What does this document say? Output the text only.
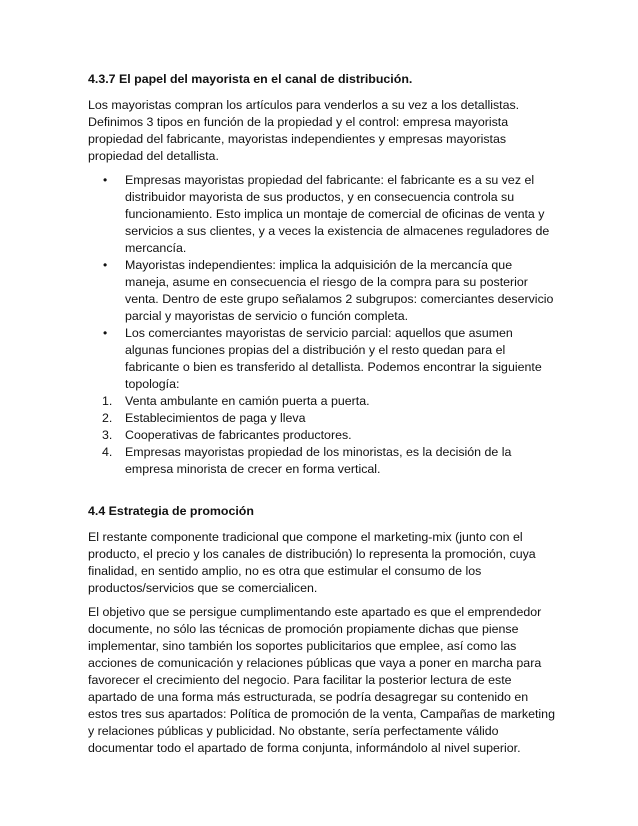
4.3.7 El papel del mayorista en el canal de distribución.

Los mayoristas compran los artículos para venderlos a su vez a los detallistas. Definimos 3 tipos en función de la propiedad y el control: empresa mayorista propiedad del fabricante, mayoristas independientes y empresas mayoristas propiedad del detallista.

• Empresas mayoristas propiedad del fabricante: el fabricante es a su vez el distribuidor mayorista de sus productos, y en consecuencia controla su funcionamiento. Esto implica un montaje de comercial de oficinas de venta y servicios a sus clientes, y a veces la existencia de almacenes reguladores de mercancía.
• Mayoristas independientes: implica la adquisición de la mercancía que maneja, asume en consecuencia el riesgo de la compra para su posterior venta. Dentro de este grupo señalamos 2 subgrupos: comerciantes deservicio parcial y mayoristas de servicio o función completa.
• Los comerciantes mayoristas de servicio parcial: aquellos que asumen algunas funciones propias del a distribución y el resto quedan para el fabricante o bien es transferido al detallista. Podemos encontrar la siguiente topología:
1. Venta ambulante en camión puerta a puerta.
2. Establecimientos de paga y lleva
3. Cooperativas de fabricantes productores.
4. Empresas mayoristas propiedad de los minoristas, es la decisión de la empresa minorista de crecer en forma vertical.
4.4 Estrategia de promoción

El restante componente tradicional que compone el marketing-mix (junto con el producto, el precio y los canales de distribución) lo representa la promoción, cuya finalidad, en sentido amplio, no es otra que estimular el consumo de los productos/servicios que se comercialicen.

El objetivo que se persigue cumplimentando este apartado es que el emprendedor documente, no sólo las técnicas de promoción propiamente dichas que piense implementar, sino también los soportes publicitarios que emplee, así como las acciones de comunicación y relaciones públicas que vaya a poner en marcha para favorecer el crecimiento del negocio. Para facilitar la posterior lectura de este apartado de una forma más estructurada, se podría desagregar su contenido en estos tres sus apartados: Política de promoción de la venta, Campañas de marketing y relaciones públicas y publicidad. No obstante, sería perfectamente válido documentar todo el apartado de forma conjunta, informándolo al nivel superior.
